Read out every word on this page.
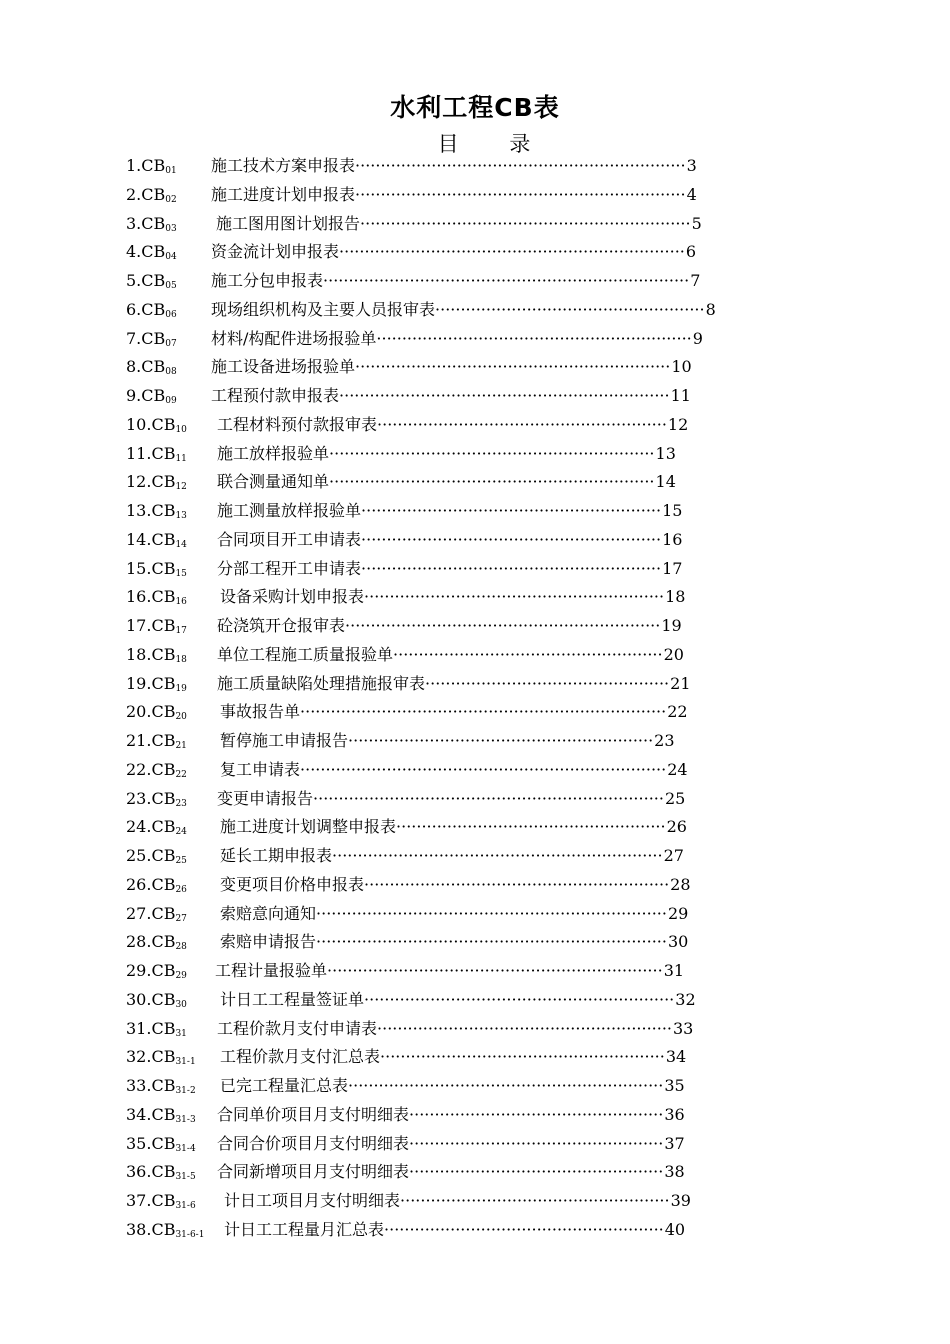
水利工程CB表
目 录
$1.CB_{01}$ 施工技术方案申报表·································································3
$2.CB_{02}$ 施工进度计划申报表·································································4
$3.CB_{03}$ 施工图用图计划报告·································································5
$4.CB_{04}$ 资金流计划申报表····································································6
$5.CB_{05}$ 施工分包申报表········································································7
$6.CB_{06}$ 现场组织机构及主要人员报审表·····················································8
$7.CB_{07}$ 材料/构配件进场报验单······························································9
$8.CB_{08}$ 施工设备进场报验单······························································10
$9.CB_{09}$ 工程预付款申报表·································································11
$10.CB_{10}$ 工程材料预付款报审表·························································12
$11.CB_{11}$ 施工放样报验单································································13
$12.CB_{12}$ 联合测量通知单································································14
$13.CB_{13}$ 施工测量放样报验单···························································15
$14.CB_{14}$ 合同项目开工申请表···························································16
$15.CB_{15}$ 分部工程开工申请表···························································17
$16.CB_{16}$ 设备采购计划申报表···························································18
$17.CB_{17}$ 砼浇筑开仓报审表······························································19
$18.CB_{18}$ 单位工程施工质量报验单·····················································20
$19.CB_{19}$ 施工质量缺陷处理措施报审表················································21
$20.CB_{20}$ 事故报告单········································································22
$21.CB_{21}$ 暂停施工申请报告····························································23
$22.CB_{22}$ 复工申请表········································································24
$23.CB_{23}$ 变更申请报告·····································································25
$24.CB_{24}$ 施工进度计划调整申报表·····················································26
$25.CB_{25}$ 延长工期申报表·································································27
$26.CB_{26}$ 变更项目价格申报表····························································28
$27.CB_{27}$ 索赔意向通知·····································································29
$28.CB_{28}$ 索赔申请报告·····································································30
$29.CB_{29}$ 工程计量报验单··································································31
$30.CB_{30}$ 计日工工程量签证单·····························································32
$31.CB_{31}$ 工程价款月支付申请表··························································33
$32.CB_{31-1}$ 工程价款月支付汇总表························································34
$33.CB_{31-2}$ 已完工程量汇总表······························································35
$34.CB_{31-3}$ 合同单价项目月支付明细表··················································36
$35.CB_{31-4}$ 合同合价项目月支付明细表··················································37
$36.CB_{31-5}$ 合同新增项目月支付明细表··················································38
$37.CB_{31-6}$ 计日工项目月支付明细表·····················································39
$38.CB_{31-6-1}$ 计日工工程量月汇总表·······················································40
